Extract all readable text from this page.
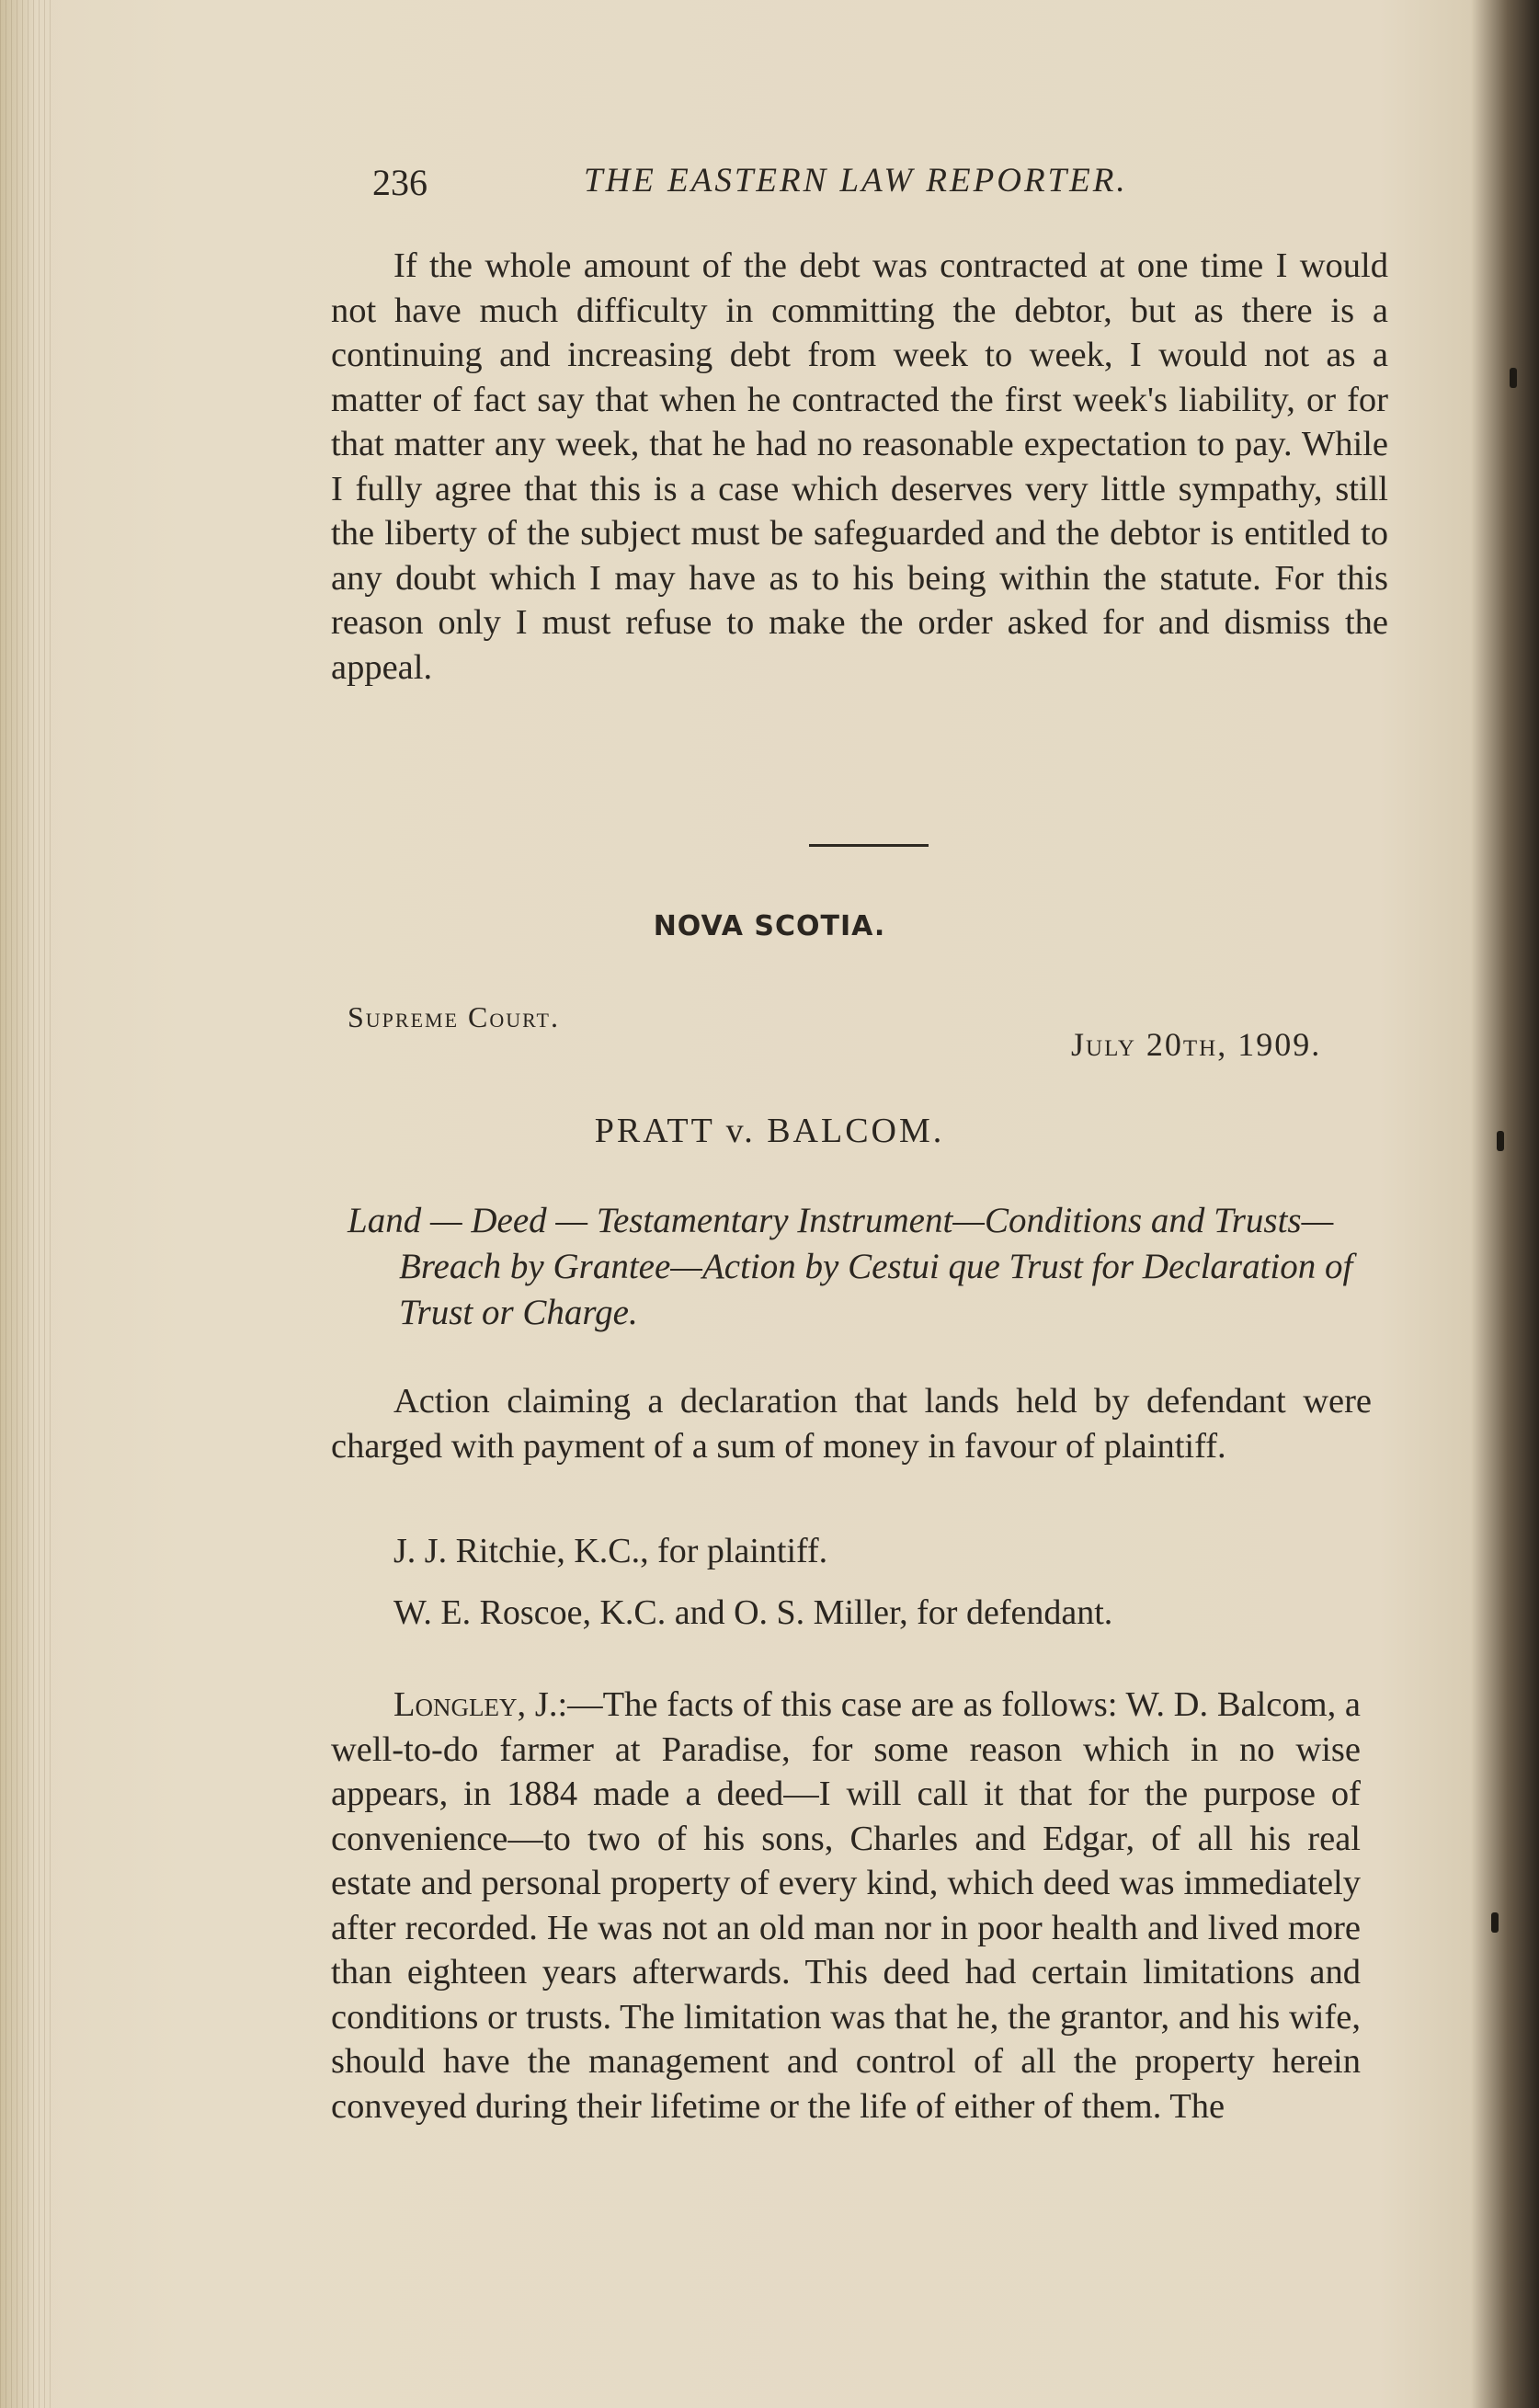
236	THE EASTERN LAW REPORTER.

If the whole amount of the debt was contracted at one time I would not have much difficulty in committing the debtor, but as there is a continuing and increasing debt from week to week, I would not as a matter of fact say that when he contracted the first week's liability, or for that matter any week, that he had no reasonable expectation to pay. While I fully agree that this is a case which deserves very little sympathy, still the liberty of the subject must be safeguarded and the debtor is entitled to any doubt which I may have as to his being within the statute. For this reason only I must refuse to make the order asked for and dismiss the appeal.

NOVA SCOTIA.
Supreme Court.
July 20th, 1909.
PRATT v. BALCOM.
Land — Deed — Testamentary Instrument—Conditions and Trusts—Breach by Grantee—Action by Cestui que Trust for Declaration of Trust or Charge.

Action claiming a declaration that lands held by defendant were charged with payment of a sum of money in favour of plaintiff.

J. J. Ritchie, K.C., for plaintiff.
W. E. Roscoe, K.C. and O. S. Miller, for defendant.

Longley, J.:—The facts of this case are as follows: W. D. Balcom, a well-to-do farmer at Paradise, for some reason which in no wise appears, in 1884 made a deed—I will call it that for the purpose of convenience—to two of his sons, Charles and Edgar, of all his real estate and personal property of every kind, which deed was immediately after recorded. He was not an old man nor in poor health and lived more than eighteen years afterwards. This deed had certain limitations and conditions or trusts. The limitation was that he, the grantor, and his wife, should have the management and control of all the property herein conveyed during their lifetime or the life of either of them. The
